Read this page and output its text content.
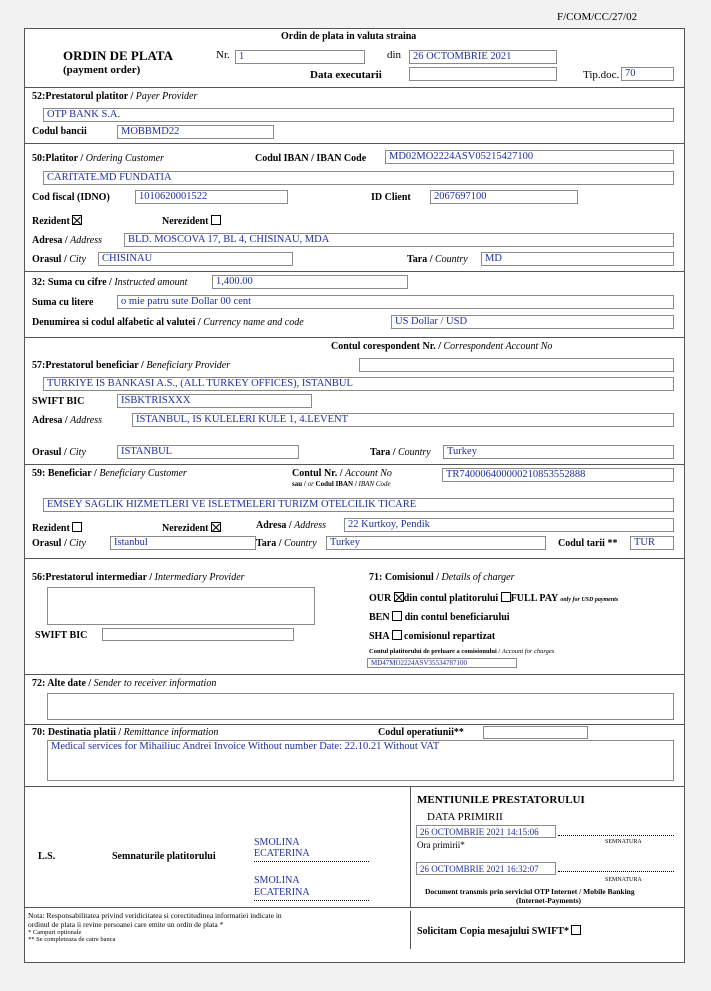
F/COM/CC/27/02
Ordin de plata in valuta straina
ORDIN DE PLATA
(payment order)
Nr. 1	din	26 OCTOMBRIE 2021
Data executarii	Tip.doc. 70
52:Prestatorul platitor / Payer Provider
OTP BANK S.A.
Codul bancii	MOBBMD22
50:Platitor / Ordering Customer	Codul IBAN / IBAN Code	MD02MO2224ASV05215427100
CARITATE.MD FUNDATIA
Cod fiscal (IDNO)	1010620001522	ID Client	2067697100
Rezident	Nerezident
Adresa / Address	BLD. MOSCOVA 17, BL 4, CHISINAU, MDA
Orasul / City	CHISINAU	Tara / Country	MD
32: Suma cu cifre / Instructed amount	1,400.00
Suma cu litere	o mie patru sute Dollar 00 cent
Denumirea si codul alfabetic al valutei / Currency name and code	US Dollar / USD
Contul corespondent Nr. / Correspondent Account No
57:Prestatorul beneficiar / Beneficiary Provider
TURKIYE IS BANKASI A.S., (ALL TURKEY OFFICES), ISTANBUL
SWIFT BIC	ISBKTRISXXX
Adresa / Address	ISTANBUL, IS KULELERI KULE 1, 4.LEVENT
Orasul / City	ISTANBUL	Tara / Country	Turkey
59: Beneficiar / Beneficiary Customer	Contul Nr. / Account No
sau / or Codul IBAN / IBAN Code
TR740006400000210853552888
EMSEY SAGLIK HIZMETLERI VE ISLETMELERI TURIZM OTELCILIK TICARE
Rezident	Nerezident	Adresa / Address	22 Kurtkoy, Pendik
Orasul / City	Istanbul	Tara / Country	Turkey	Codul tarii **	TUR
56:Prestatorul intermediar / Intermediary Provider
SWIFT BIC
71: Comisionul / Details of charger
OUR din contul platitorului FULL PAY only for USD payments
BEN din contul beneficiarului
SHA comisionul repartizat
Contul platitorului de preluare a comisionului / Account for charges
MD47MO2224ASV35534787100
72: Alte date / Sender to receiver information
70: Destinatia platii / Remittance information	Codul operatiunii**
Medical services for Mihailiuc Andrei Invoice Without number Date: 22.10.21 Without VAT
L.S.	Semnaturile platitorului
SMOLINA
ECATERINA
SMOLINA
ECATERINA
MENTIUNILE PRESTATORULUI
DATA PRIMIRII
26 OCTOMBRIE 2021 14:15:06
SEMNATURA
Ora primirii*
26 OCTOMBRIE 2021 16:32:07
SEMNATURA
Document transmis prin serviciul OTP Internet / Mobile Banking
(Internet-Payments)
Nota: Responsabilitatea privind veridicitatea si corectitudinea informatiei indicate in
ordinul de plata ii revine persoanei care emite un ordin de plata *
* Campuri optionale
** Se completeaza de catre banca
Solicitam Copia mesajului SWIFT*
